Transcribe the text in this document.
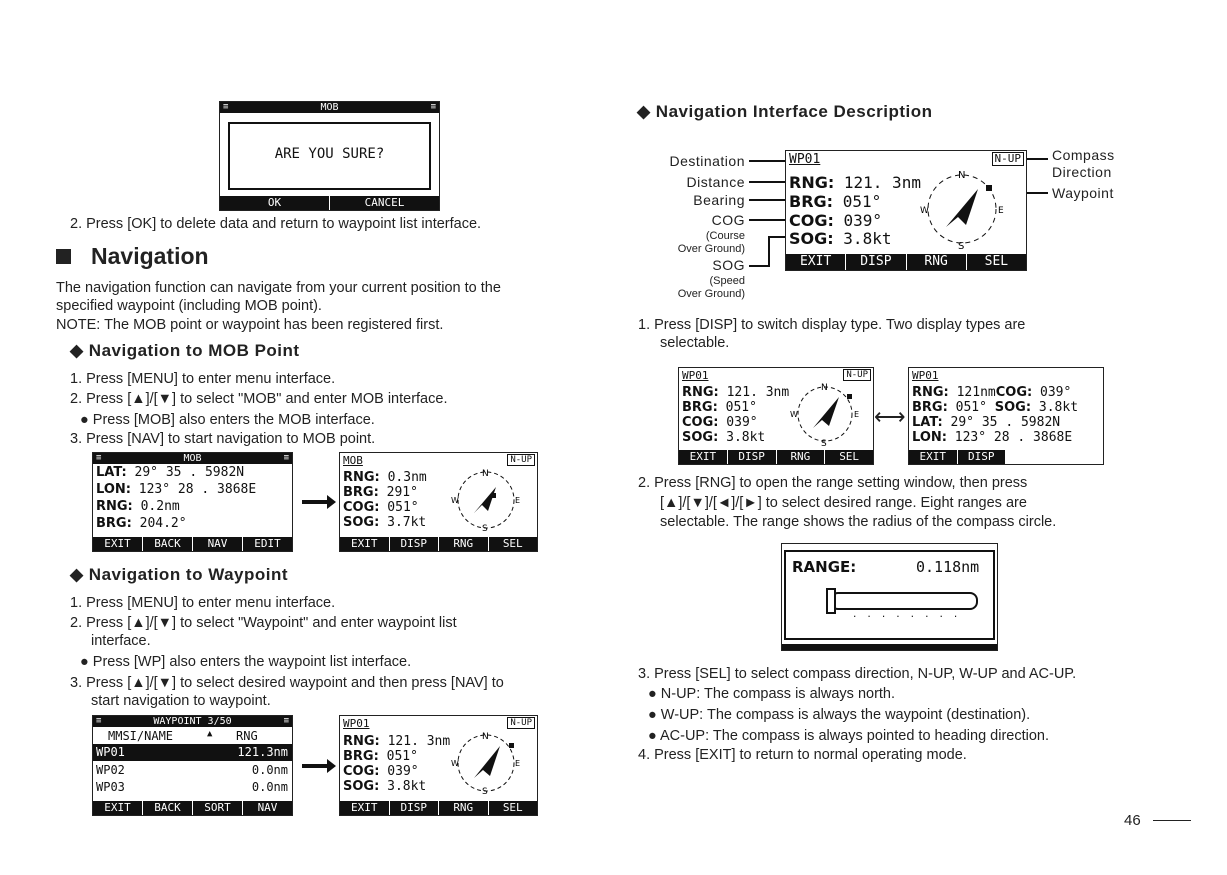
≡	MOB	≡
ARE YOU SURE?
OK	CANCEL
2. Press [OK] to delete data and return to waypoint list interface.
Navigation
The navigation function can navigate from your current position to the
specified waypoint (including MOB point).
NOTE: The MOB point or waypoint has been registered first.
◆ Navigation to MOB Point
1. Press [MENU] to enter menu interface.
2. Press [▲]/[▼] to select "MOB" and enter MOB interface.
● Press [MOB] also enters the MOB interface.
3. Press [NAV] to start navigation to MOB point.
≡	MOB	≡
LAT: 29° 35 . 5982N
LON: 123° 28 . 3868E
RNG: 0.2nm
BRG: 204.2°
EXIT	BACK	NAV	EDIT
MOB	N-UP
RNG: 0.3nm
BRG: 291°
COG: 051°
SOG: 3.7kt
N
S
W	E
EXIT	DISP	RNG	SEL
◆ Navigation to Waypoint
1. Press [MENU] to enter menu interface.
2. Press [▲]/[▼] to select "Waypoint" and enter waypoint list
interface.
● Press [WP] also enters the waypoint list interface.
3. Press [▲]/[▼] to select desired waypoint and then press [NAV] to
start navigation to waypoint.
≡	WAYPOINT 3/50	≡
MMSI/NAME	▲ RNG
WP01	121.3nm
WP02	0.0nm
WP03	0.0nm
EXIT	BACK	SORT	NAV
WP01	N-UP
RNG: 121. 3nm
BRG: 051°
COG: 039°
SOG: 3.8kt
N
S
W	E
EXIT	DISP	RNG	SEL
◆ Navigation Interface Description
Destination
Distance
Bearing
COG
(Course
Over Ground)
SOG
(Speed
Over Ground)
Compass
Direction
Waypoint
WP01	N-UP
RNG: 121. 3nm
BRG: 051°
COG: 039°
SOG: 3.8kt
N
S
W	E
EXIT	DISP	RNG	SEL
1. Press [DISP] to switch display type. Two display types are
selectable.
WP01	N-UP
RNG: 121. 3nm
BRG: 051°
COG: 039°
SOG: 3.8kt
N
S
W	E
EXIT	DISP	RNG	SEL
⟷
WP01
RNG: 121nmCOG: 039°
BRG: 051° SOG: 3.8kt
LAT: 29° 35 . 5982N
LON: 123° 28 . 3868E
EXIT	DISP
2. Press [RNG] to open the range setting window, then press
[▲]/[▼]/[◄]/[►] to select desired range. Eight ranges are
selectable. The range shows the radius of the compass circle.
RANGE:	0.118nm
........
3. Press [SEL] to select compass direction, N-UP, W-UP and AC-UP.
● N-UP: The compass is always north.
● W-UP: The compass is always the waypoint (destination).
● AC-UP: The compass is always pointed to heading direction.
4. Press [EXIT] to return to normal operating mode.
46
